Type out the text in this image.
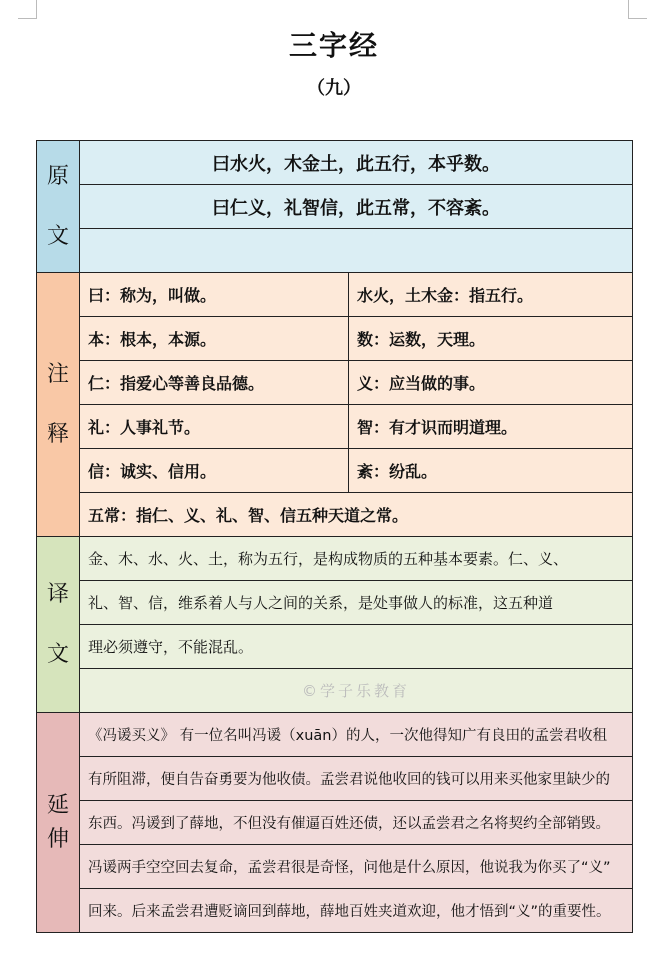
三字经
（九）
原
文	曰水火，木金土，此五行，本乎数。	
	曰仁义，礼智信，此五常，不容紊。	

注
释	曰：称为，叫做。	水火，土木金：指五行。
	本：根本，本源。	数：运数，天理。
	仁：指爱心等善良品德。	义：应当做的事。
	礼：人事礼节。	智：有才识而明道理。
	信：诚实、信用。	紊：纷乱。
	五常：指仁、义、礼、智、信五种天道之常。	

译
文	金、木、水、火、土，称为五行，是构成物质的五种基本要素。仁、义、	
	礼、智、信，维系着人与人之间的关系，是处事做人的标准，这五种道	
	理必须遵守，不能混乱。	
	©学子乐教育	

延
伸	《冯谖买义》 有一位名叫冯谖（xuān）的人，一次他得知广有良田的孟尝君收租	
	有所阻滞，便自告奋勇要为他收债。孟尝君说他收回的钱可以用来买他家里缺少的	
	东西。冯谖到了薛地，不但没有催逼百姓还债，还以孟尝君之名将契约全部销毁。	
	冯谖两手空空回去复命，孟尝君很是奇怪，问他是什么原因，他说我为你买了“义”	
	回来。后来孟尝君遭贬谪回到薛地，薛地百姓夹道欢迎，他才悟到“义”的重要性。	
